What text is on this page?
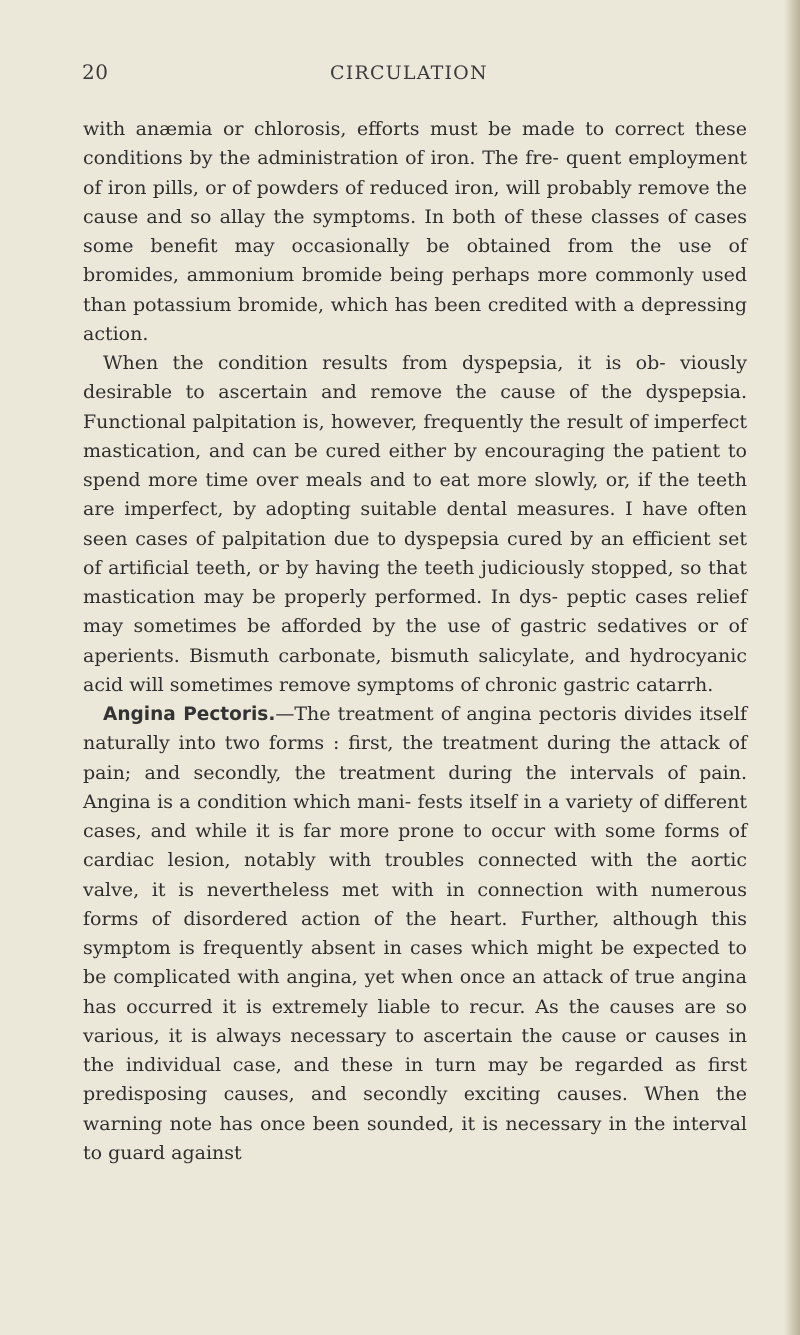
20	CIRCULATION

with anæmia or chlorosis, efforts must be made to correct these conditions by the administration of iron. The fre- quent employment of iron pills, or of powders of reduced iron, will probably remove the cause and so allay the symptoms. In both of these classes of cases some benefit may occasionally be obtained from the use of bromides, ammonium bromide being perhaps more commonly used than potassium bromide, which has been credited with a depressing action.

When the condition results from dyspepsia, it is ob- viously desirable to ascertain and remove the cause of the dyspepsia. Functional palpitation is, however, frequently the result of imperfect mastication, and can be cured either by encouraging the patient to spend more time over meals and to eat more slowly, or, if the teeth are imperfect, by adopting suitable dental measures. I have often seen cases of palpitation due to dyspepsia cured by an efficient set of artificial teeth, or by having the teeth judiciously stopped, so that mastication may be properly performed. In dys- peptic cases relief may sometimes be afforded by the use of gastric sedatives or of aperients. Bismuth carbonate, bismuth salicylate, and hydrocyanic acid will sometimes remove symptoms of chronic gastric catarrh.

Angina Pectoris.—The treatment of angina pectoris divides itself naturally into two forms : first, the treatment during the attack of pain; and secondly, the treatment during the intervals of pain. Angina is a condition which mani- fests itself in a variety of different cases, and while it is far more prone to occur with some forms of cardiac lesion, notably with troubles connected with the aortic valve, it is nevertheless met with in connection with numerous forms of disordered action of the heart. Further, although this symptom is frequently absent in cases which might be expected to be complicated with angina, yet when once an attack of true angina has occurred it is extremely liable to recur. As the causes are so various, it is always necessary to ascertain the cause or causes in the individual case, and these in turn may be regarded as first predisposing causes, and secondly exciting causes. When the warning note has once been sounded, it is necessary in the interval to guard against
